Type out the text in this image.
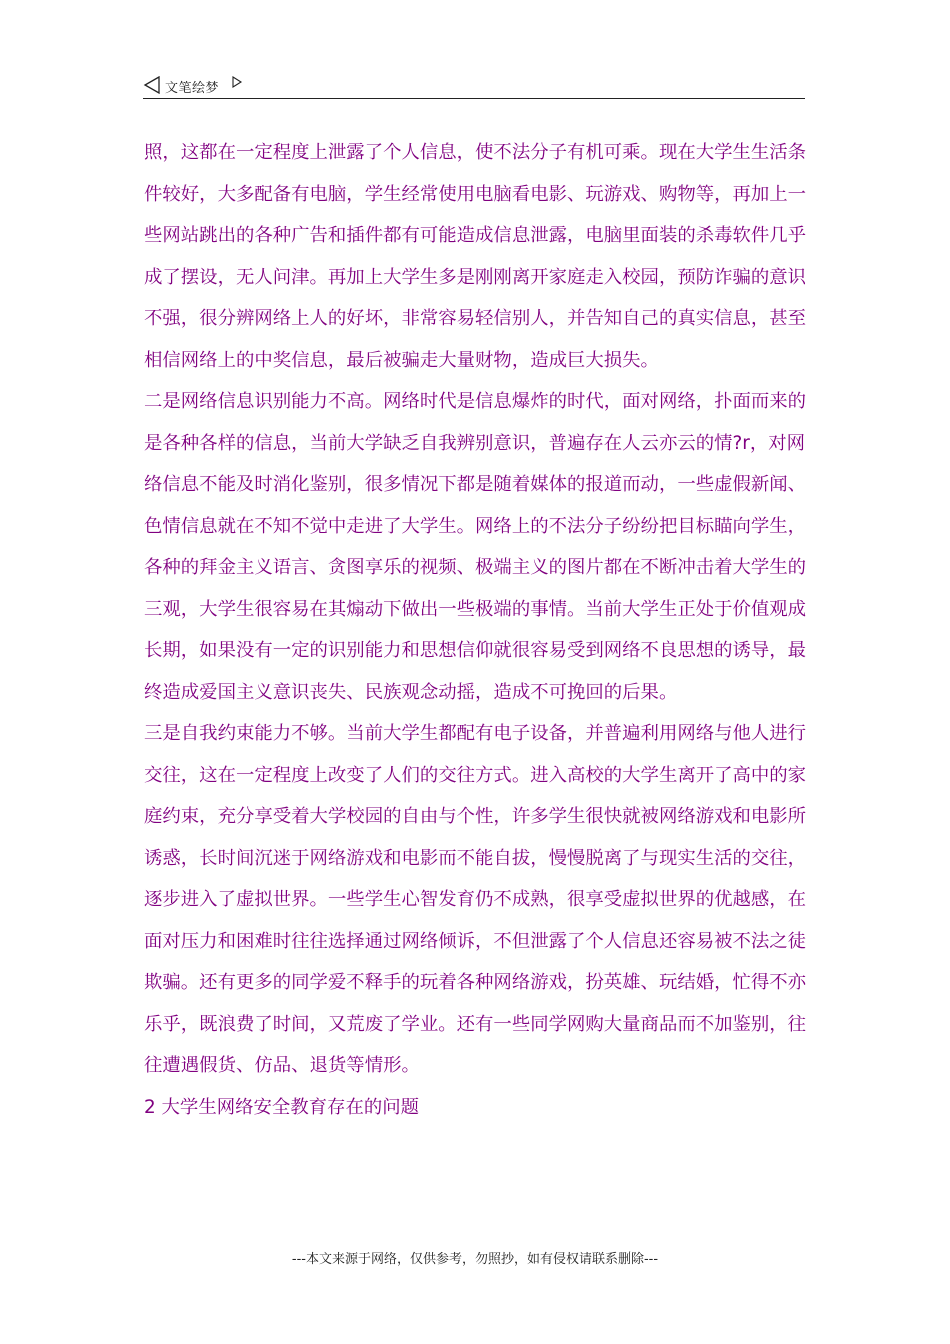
文笔绘梦

照，这都在一定程度上泄露了个人信息，使不法分子有机可乘。现在大学生生活条件较好，大多配备有电脑，学生经常使用电脑看电影、玩游戏、购物等，再加上一些网站跳出的各种广告和插件都有可能造成信息泄露，电脑里面装的杀毒软件几乎成了摆设，无人问津。再加上大学生多是刚刚离开家庭走入校园，预防诈骗的意识不强，很分辨网络上人的好坏，非常容易轻信别人，并告知自己的真实信息，甚至相信网络上的中奖信息，最后被骗走大量财物，造成巨大损失。

二是网络信息识别能力不高。网络时代是信息爆炸的时代，面对网络，扑面而来的是各种各样的信息，当前大学缺乏自我辨别意识，普遍存在人云亦云的情?r，对网络信息不能及时消化鉴别，很多情况下都是随着媒体的报道而动，一些虚假新闻、色情信息就在不知不觉中走进了大学生。网络上的不法分子纷纷把目标瞄向学生，各种的拜金主义语言、贪图享乐的视频、极端主义的图片都在不断冲击着大学生的三观，大学生很容易在其煽动下做出一些极端的事情。当前大学生正处于价值观成长期，如果没有一定的识别能力和思想信仰就很容易受到网络不良思想的诱导，最终造成爱国主义意识丧失、民族观念动摇，造成不可挽回的后果。

三是自我约束能力不够。当前大学生都配有电子设备，并普遍利用网络与他人进行交往，这在一定程度上改变了人们的交往方式。进入高校的大学生离开了高中的家庭约束，充分享受着大学校园的自由与个性，许多学生很快就被网络游戏和电影所诱惑，长时间沉迷于网络游戏和电影而不能自拔，慢慢脱离了与现实生活的交往，逐步进入了虚拟世界。一些学生心智发育仍不成熟，很享受虚拟世界的优越感，在面对压力和困难时往往选择通过网络倾诉，不但泄露了个人信息还容易被不法之徒欺骗。还有更多的同学爱不释手的玩着各种网络游戏，扮英雄、玩结婚，忙得不亦乐乎，既浪费了时间，又荒废了学业。还有一些同学网购大量商品而不加鉴别，往往遭遇假货、仿品、退货等情形。

2 大学生网络安全教育存在的问题

---本文来源于网络，仅供参考，勿照抄，如有侵权请联系删除---
